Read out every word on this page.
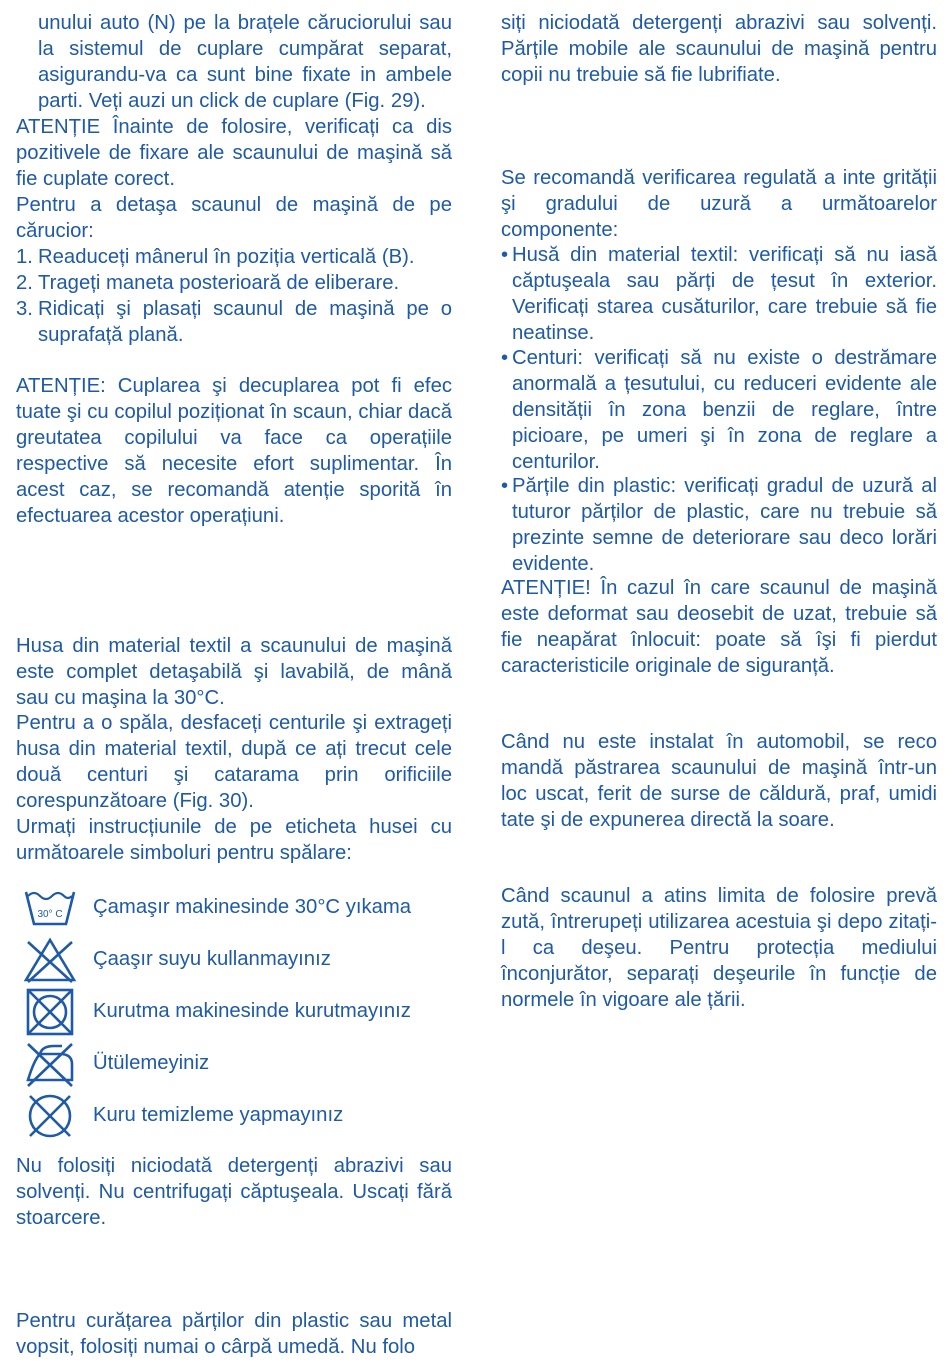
unului auto (N) pe la brațele căruciorului sau la sistemul de cuplare cumpărat separat, asigurandu-va ca sunt bine fixate in ambele parti. Veți auzi un click de cuplare (Fig. 29).

ATENȚIE Înainte de folosire, verificați ca dis pozitivele de fixare ale scaunului de maşină să fie cuplate corect.

Pentru a detaşa scaunul de maşină de pe cărucior:

1. Readuceți mânerul în poziția verticală (B).
2. Trageți maneta posterioară de eliberare.
3. Ridicați şi plasați scaunul de maşină pe o suprafață plană.

ATENȚIE: Cuplarea şi decuplarea pot fi efec tuate şi cu copilul poziționat în scaun, chiar dacă greutatea copilului va face ca operațiile respective să necesite efort suplimentar. În acest caz, se recomandă atenție sporită în efectuarea acestor operațiuni.

Husa din material textil a scaunului de maşină este complet detaşabilă şi lavabilă, de mână sau cu maşina la 30°C.

Pentru a o spăla, desfaceți centurile şi extrageți husa din material textil, după ce ați trecut cele două centuri şi catarama prin orificiile corespunzătoare (Fig. 30).

Urmați instrucțiunile de pe eticheta husei cu următoarele simboluri pentru spălare:

30° C Çamaşır makinesinde 30°C yıkama
Çaaşır suyu kullanmayınız
Kurutma makinesinde kurutmayınız
Ütülemeyiniz
Kuru temizleme yapmayınız

Nu folosiți niciodată detergenți abrazivi sau solvenți. Nu centrifugați căptuşeala. Uscați fără stoarcere.

Pentru curățarea părților din plastic sau metal vopsit, folosiți numai o cârpă umedă. Nu folo

siți niciodată detergenți abrazivi sau solvenți. Părțile mobile ale scaunului de maşină pentru copii nu trebuie să fie lubrifiate.

Se recomandă verificarea regulată a inte grității şi gradului de uzură a următoarelor componente:

• Husă din material textil: verificați să nu iasă căptuşeala sau părți de țesut în exterior. Verificați starea cusăturilor, care trebuie să fie neatinse.
• Centuri: verificați să nu existe o destrămare anormală a țesutului, cu reduceri evidente ale densității în zona benzii de reglare, între picioare, pe umeri şi în zona de reglare a centurilor.
• Părțile din plastic: verificați gradul de uzură al tuturor părților de plastic, care nu trebuie să prezinte semne de deteriorare sau deco lorări evidente.

ATENȚIE! În cazul în care scaunul de maşină este deformat sau deosebit de uzat, trebuie să fie neapărat înlocuit: poate să îşi fi pierdut caracteristicile originale de siguranță.

Când nu este instalat în automobil, se reco mandă păstrarea scaunului de maşină într-un loc uscat, ferit de surse de căldură, praf, umidi tate şi de expunerea directă la soare.

Când scaunul a atins limita de folosire prevă zută, întrerupeți utilizarea acestuia şi depo zitați-l ca deşeu. Pentru protecția mediului înconjurător, separați deşeurile în funcție de normele în vigoare ale țării.
